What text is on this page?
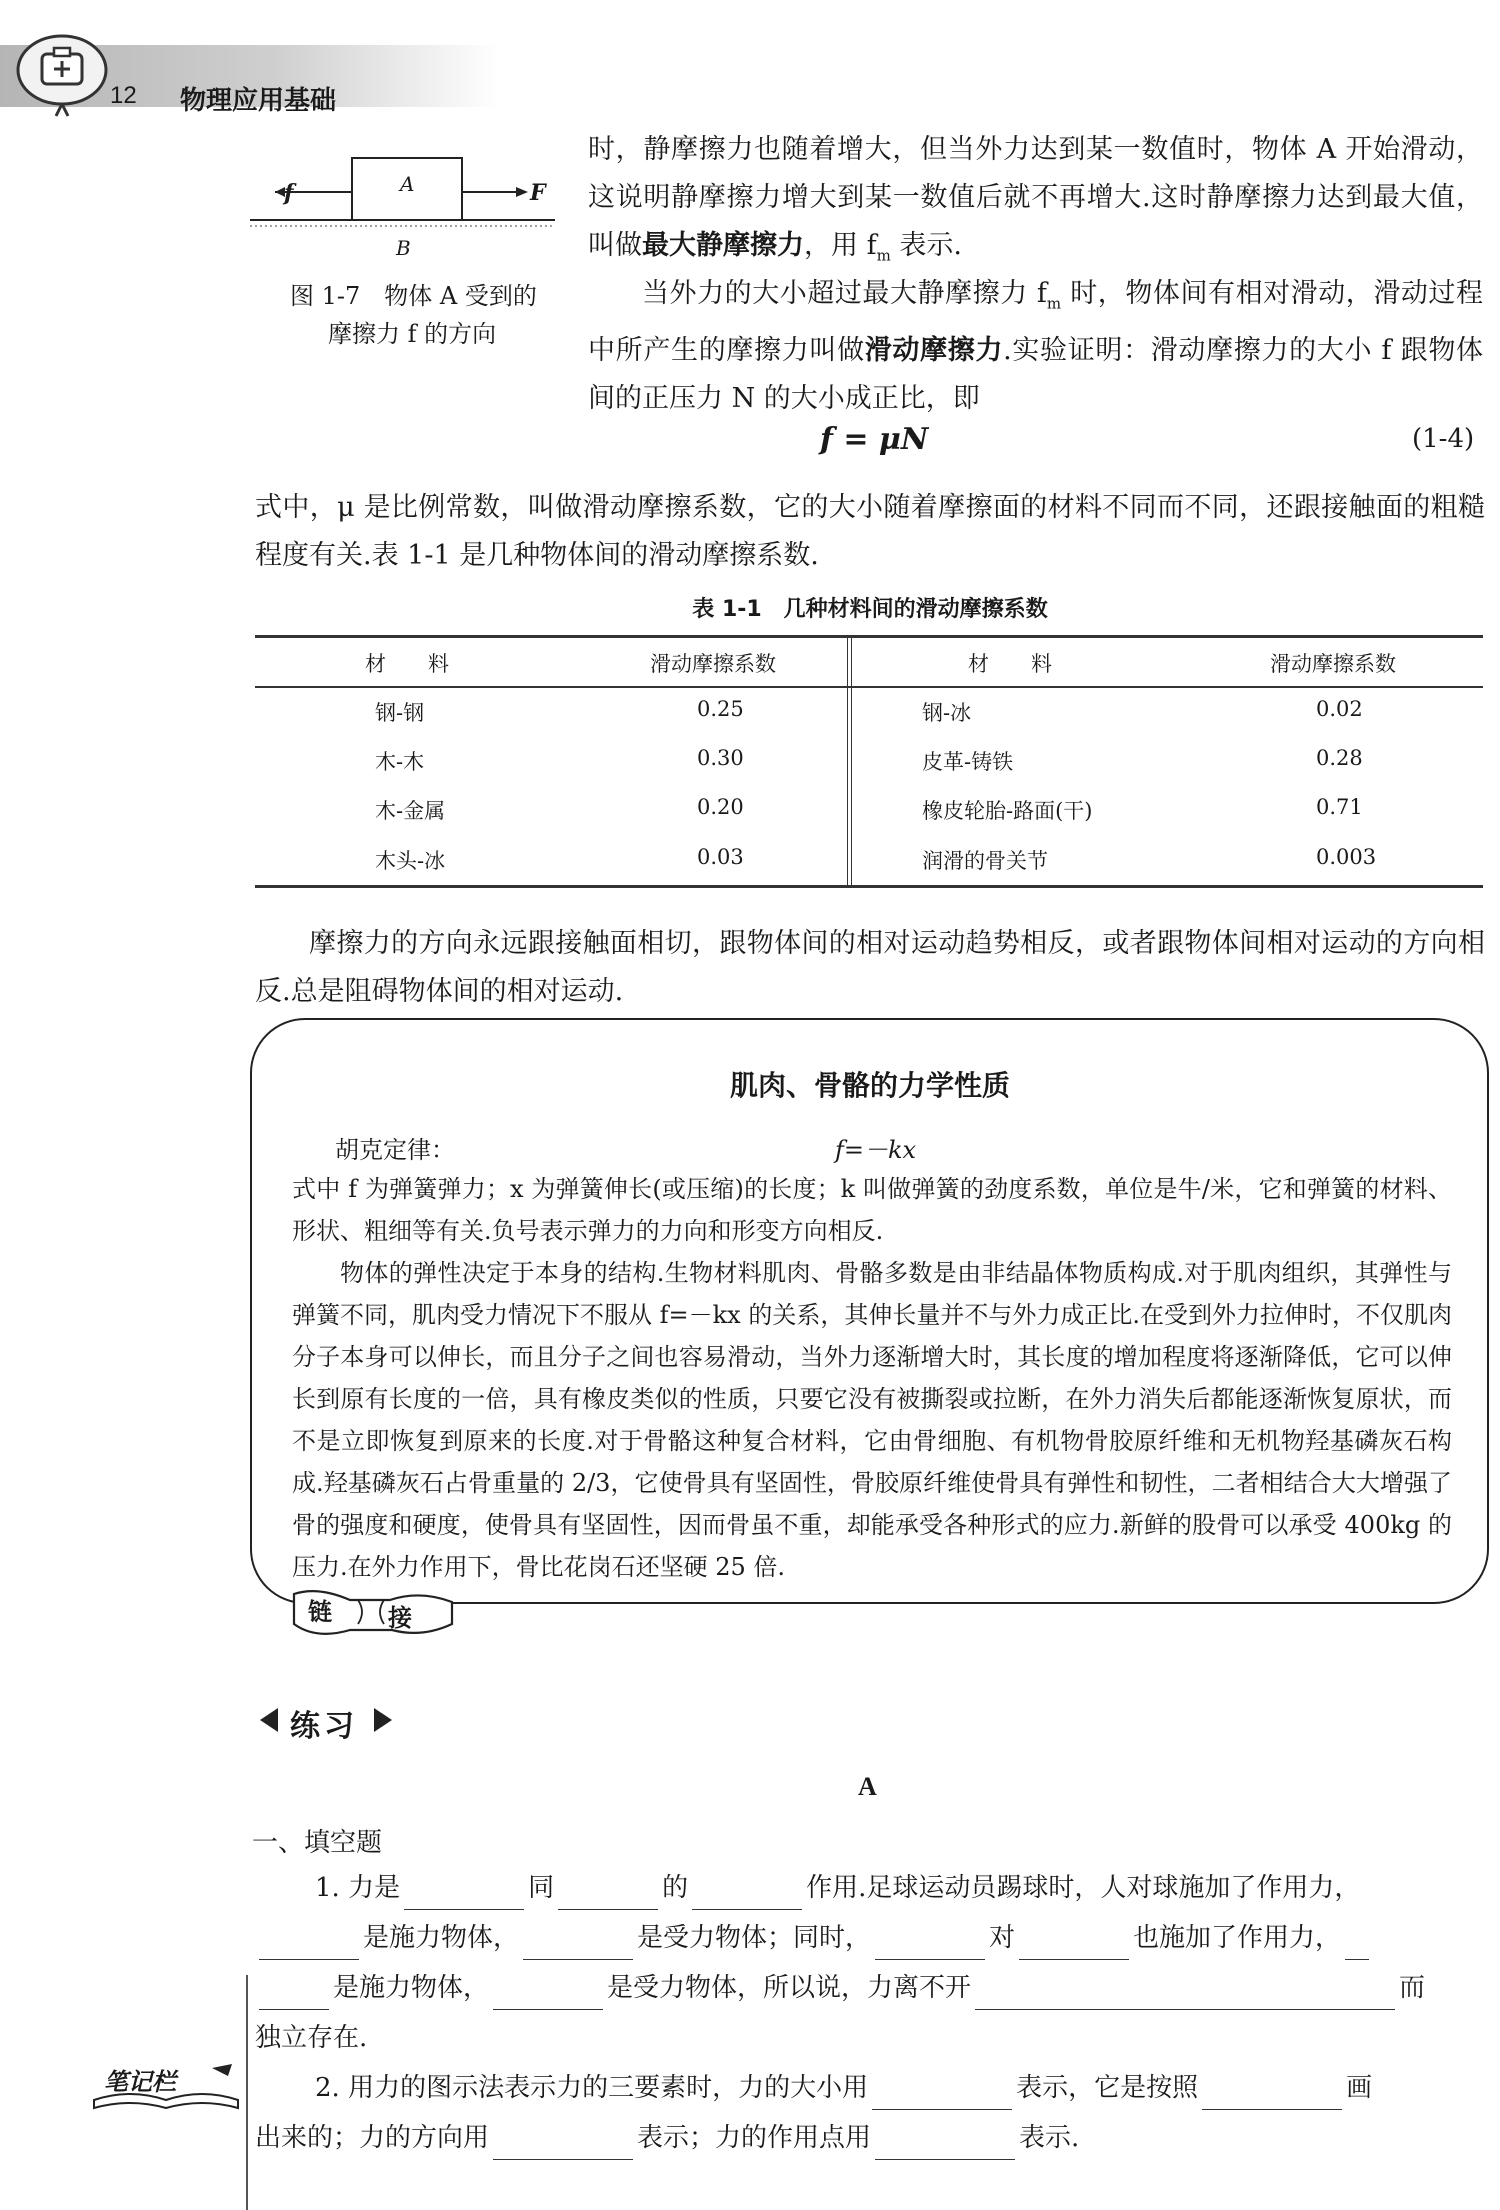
12 物理应用基础
A
B
f	F
图 1-7　物体 A 受到的
摩擦力 f 的方向
时，静摩擦力也随着增大，但当外力达到某一数值时，物体 A 开始滑动，这说明静摩擦力增大到某一数值后就不再增大.这时静摩擦力达到最大值，叫做最大静摩擦力，用 $f_m$ 表示.
当外力的大小超过最大静摩擦力 $f_m$ 时，物体间有相对滑动，滑动过程中所产生的摩擦力叫做滑动摩擦力.实验证明：滑动摩擦力的大小 f 跟物体间的正压力 N 的大小成正比，即
f = μN	(1-4)
式中，μ 是比例常数，叫做滑动摩擦系数，它的大小随着摩擦面的材料不同而不同，还跟接触面的粗糙程度有关.表 1-1 是几种物体间的滑动摩擦系数.
表 1-1　几种材料间的滑动摩擦系数
材　　料	滑动摩擦系数	材　　料	滑动摩擦系数
钢-钢	0.25	钢-冰	0.02
木-木	0.30	皮革-铸铁	0.28
木-金属	0.20	橡皮轮胎-路面(干)	0.71
木头-冰	0.03	润滑的骨关节	0.003
摩擦力的方向永远跟接触面相切，跟物体间的相对运动趋势相反，或者跟物体间相对运动的方向相反.总是阻碍物体间的相对运动.
肌肉、骨骼的力学性质
胡克定律：	f=－kx
式中 f 为弹簧弹力；x 为弹簧伸长(或压缩)的长度；k 叫做弹簧的劲度系数，单位是牛/米，它和弹簧的材料、形状、粗细等有关.负号表示弹力的力向和形变方向相反.
物体的弹性决定于本身的结构.生物材料肌肉、骨骼多数是由非结晶体物质构成.对于肌肉组织，其弹性与弹簧不同，肌肉受力情况下不服从 f=－kx 的关系，其伸长量并不与外力成正比.在受到外力拉伸时，不仅肌肉分子本身可以伸长，而且分子之间也容易滑动，当外力逐渐增大时，其长度的增加程度将逐渐降低，它可以伸长到原有长度的一倍，具有橡皮类似的性质，只要它没有被撕裂或拉断，在外力消失后都能逐渐恢复原状，而不是立即恢复到原来的长度.对于骨骼这种复合材料，它由骨细胞、有机物骨胶原纤维和无机物羟基磷灰石构成.羟基磷灰石占骨重量的 2/3，它使骨具有坚固性，骨胶原纤维使骨具有弹性和韧性，二者相结合大大增强了骨的强度和硬度，使骨具有坚固性，因而骨虽不重，却能承受各种形式的应力.新鲜的股骨可以承受 400kg 的压力.在外力作用下，骨比花岗石还坚硬 25 倍.
链 接
练习
A
一、填空题
1. 力是	同	的	作用.足球运动员踢球时，人对球施加了作用力，
是施力物体，	是受力物体；同时，	对	也施加了作用力，
是施力物体，	是受力物体，所以说，力离不开	而
独立存在.
2. 用力的图示法表示力的三要素时，力的大小用	表示，它是按照	画
出来的；力的方向用	表示；力的作用点用	表示.
笔记栏
